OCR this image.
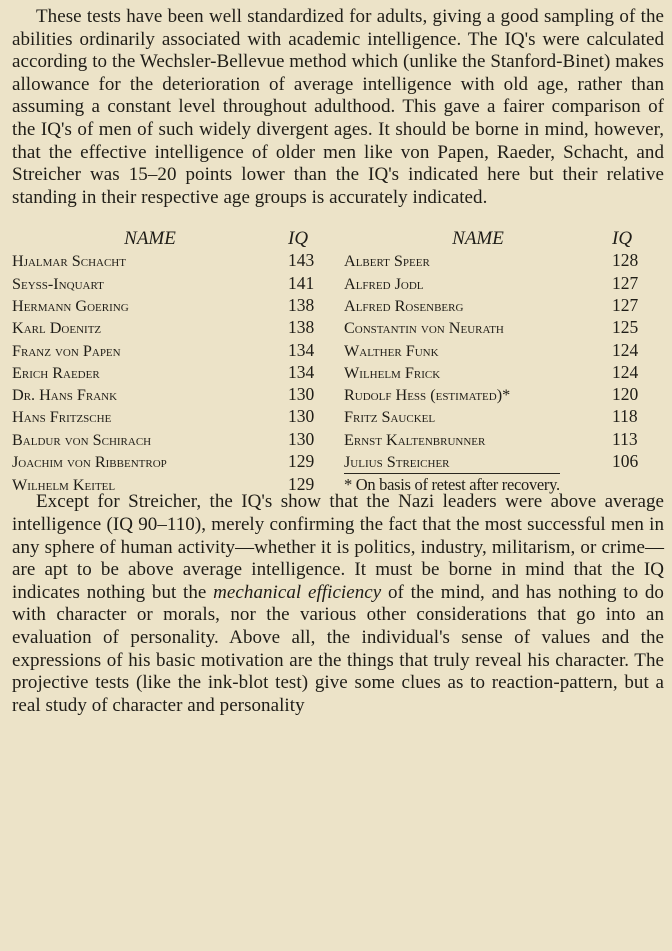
These tests have been well standardized for adults, giving a good sampling of the abilities ordinarily associated with academic intelligence. The IQ's were calculated according to the Wechsler-Bellevue method which (unlike the Stanford-Binet) makes allowance for the deterioration of average intelligence with old age, rather than assuming a constant level throughout adulthood. This gave a fairer comparison of the IQ's of men of such widely divergent ages. It should be borne in mind, however, that the effective intelligence of older men like von Papen, Raeder, Schacht, and Streicher was 15–20 points lower than the IQ's indicated here but their relative standing in their respective age groups is accurately indicated.

NAME	IQ	NAME	IQ
Hjalmar Schacht	143	Albert Speer	128
Seyss-Inquart	141	Alfred Jodl	127
Hermann Goering	138	Alfred Rosenberg	127
Karl Doenitz	138	Constantin von Neurath	125
Franz von Papen	134	Walther Funk	124
Erich Raeder	134	Wilhelm Frick	124
Dr. Hans Frank	130	Rudolf Hess (estimated)*	120
Hans Fritzsche	130	Fritz Sauckel	118
Baldur von Schirach	130	Ernst Kaltenbrunner	113
Joachim von Ribbentrop	129	Julius Streicher	106
Wilhelm Keitel	129	* On basis of retest after recovery.	

Except for Streicher, the IQ's show that the Nazi leaders were above average intelligence (IQ 90–110), merely confirming the fact that the most successful men in any sphere of human activity—whether it is politics, industry, militarism, or crime—are apt to be above average intelligence. It must be borne in mind that the IQ indicates nothing but the mechanical efficiency of the mind, and has nothing to do with character or morals, nor the various other considerations that go into an evaluation of personality. Above all, the individual's sense of values and the expressions of his basic motivation are the things that truly reveal his character. The projective tests (like the ink-blot test) give some clues as to reaction-pattern, but a real study of character and personality
